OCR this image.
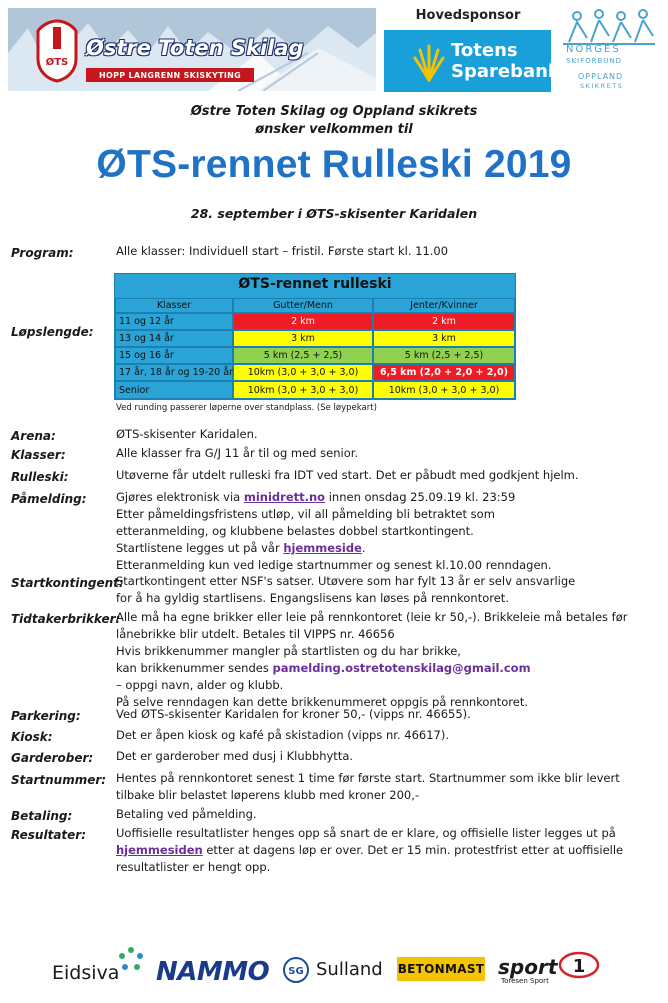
ØTS
Østre Toten Skilag
HOPP LANGRENN SKISKYTING
Hovedsponsor
Totens
Sparebank
NORGES
SKIFORBUND
OPPLAND
SKIKRETS
Østre Toten Skilag og Oppland skikrets
ønsker velkommen til
ØTS-rennet Rulleski 2019
28. september i ØTS-skisenter Karidalen
Program:	Alle klasser: Individuell start – fristil. Første start kl. 11.00
Løpslengde:
ØTS-rennet rulleski
Klasser	Gutter/Menn	Jenter/Kvinner
11 og 12 år	2 km	2 km
13 og 14 år	3 km	3 km
15 og 16 år	5 km (2,5 + 2,5)	5 km (2,5 + 2,5)
17 år, 18 år og 19-20 år	10km (3,0 + 3,0 + 3,0)	6,5 km (2,0 + 2,0 + 2,0)
Senior	10km (3,0 + 3,0 + 3,0)	10km (3,0 + 3,0 + 3,0)
Ved runding passerer løperne over standplass. (Se løypekart)
Arena:	ØTS-skisenter Karidalen.
Klasser:	Alle klasser fra G/J 11 år til og med senior.
Rulleski:	Utøverne får utdelt rulleski fra IDT ved start. Det er påbudt med godkjent hjelm.
Påmelding:	Gjøres elektronisk via minidrett.no innen onsdag 25.09.19 kl. 23:59
Etter påmeldingsfristens utløp, vil all påmelding bli betraktet som
etteranmelding, og klubbene belastes dobbel startkontingent.
Startlistene legges ut på vår hjemmeside.
Etteranmelding kun ved ledige startnummer og senest kl.10.00 renndagen.
Startkontingent:
Startkontingent etter NSF's satser. Utøvere som har fylt 13 år er selv ansvarlige
for å ha gyldig startlisens. Engangslisens kan løses på rennkontoret.
Tidtakerbrikker:
Alle må ha egne brikker eller leie på rennkontoret (leie kr 50,-). Brikkeleie må betales før
lånebrikke blir utdelt. Betales til VIPPS nr. 46656
Hvis brikkenummer mangler på startlisten og du har brikke,
kan brikkenummer sendes pamelding.ostretotenskilag@gmail.com
– oppgi navn, alder og klubb.
På selve renndagen kan dette brikkenummeret oppgis på rennkontoret.
Parkering:	Ved ØTS-skisenter Karidalen for kroner 50,- (vipps nr. 46655).
Kiosk:	Det er åpen kiosk og kafé på skistadion (vipps nr. 46617).
Garderober: Det er garderober med dusj i Klubbhytta.
Startnummer: Hentes på rennkontoret senest 1 time før første start. Startnummer som ikke blir levert
tilbake blir belastet løperens klubb med kroner 200,-
Betaling:	Betaling ved påmelding.
Resultater:	Uoffisielle resultatlister henges opp så snart de er klare, og offisielle lister legges ut på
hjemmesiden etter at dagens løp er over. Det er 15 min. protestfrist etter at uoffisielle
resultatlister er hengt opp.
Eidsiva NAMMO SG Sulland BETONMAST sport 1
Toresen Sport
